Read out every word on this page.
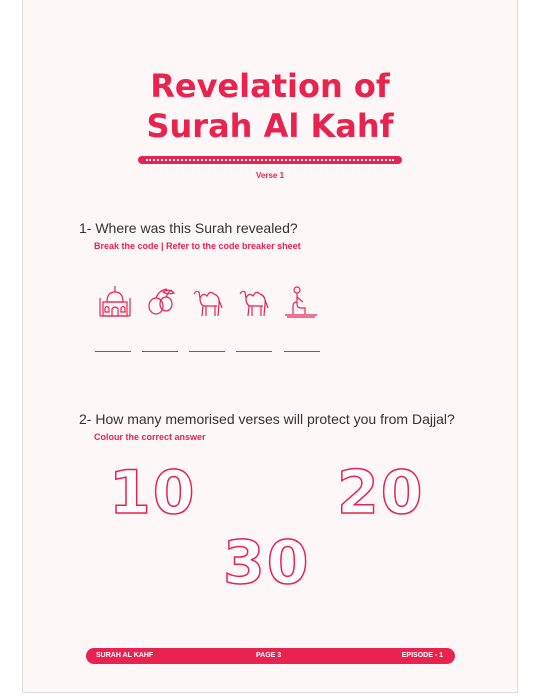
Revelation of
Surah Al Kahf
Verse 1
1- Where was this Surah revealed?
Break the code | Refer to the code breaker sheet
2- How many memorised verses will protect you from Dajjal?
Colour the correct answer
10 20
30
SURAH AL KAHF	PAGE 3	EPISODE - 1
